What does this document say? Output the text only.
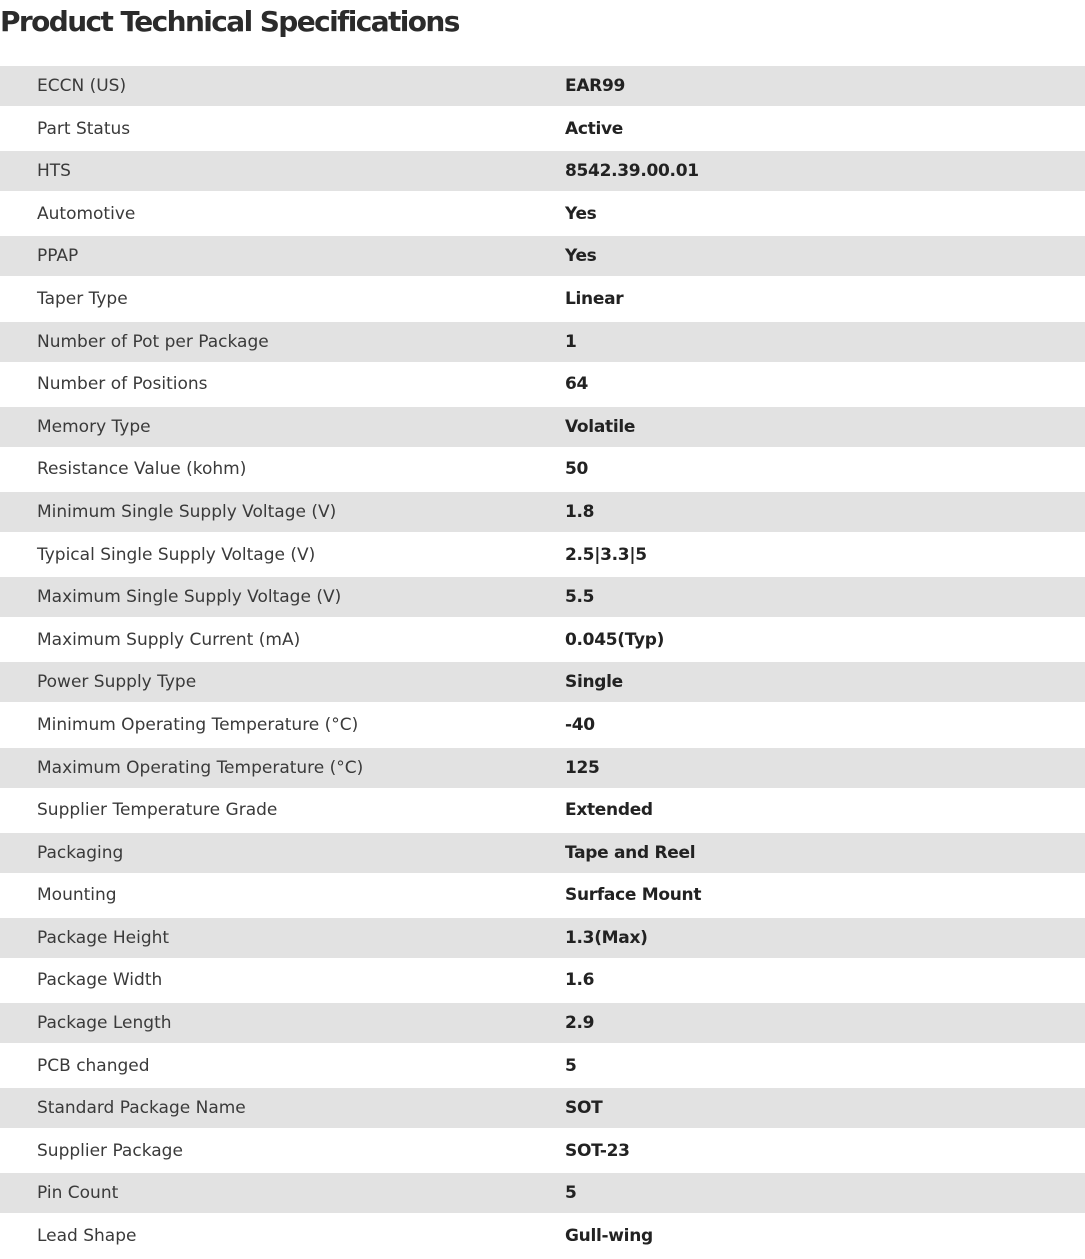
Product Technical Specifications
ECCN (US)	EAR99
Part Status	Active
HTS	8542.39.00.01
Automotive	Yes
PPAP	Yes
Taper Type	Linear
Number of Pot per Package	1
Number of Positions	64
Memory Type	Volatile
Resistance Value (kohm)	50
Minimum Single Supply Voltage (V)	1.8
Typical Single Supply Voltage (V)	2.5|3.3|5
Maximum Single Supply Voltage (V)	5.5
Maximum Supply Current (mA)	0.045(Typ)
Power Supply Type	Single
Minimum Operating Temperature (°C)	-40
Maximum Operating Temperature (°C)	125
Supplier Temperature Grade	Extended
Packaging	Tape and Reel
Mounting	Surface Mount
Package Height	1.3(Max)
Package Width	1.6
Package Length	2.9
PCB changed	5
Standard Package Name	SOT
Supplier Package	SOT-23
Pin Count	5
Lead Shape	Gull-wing
